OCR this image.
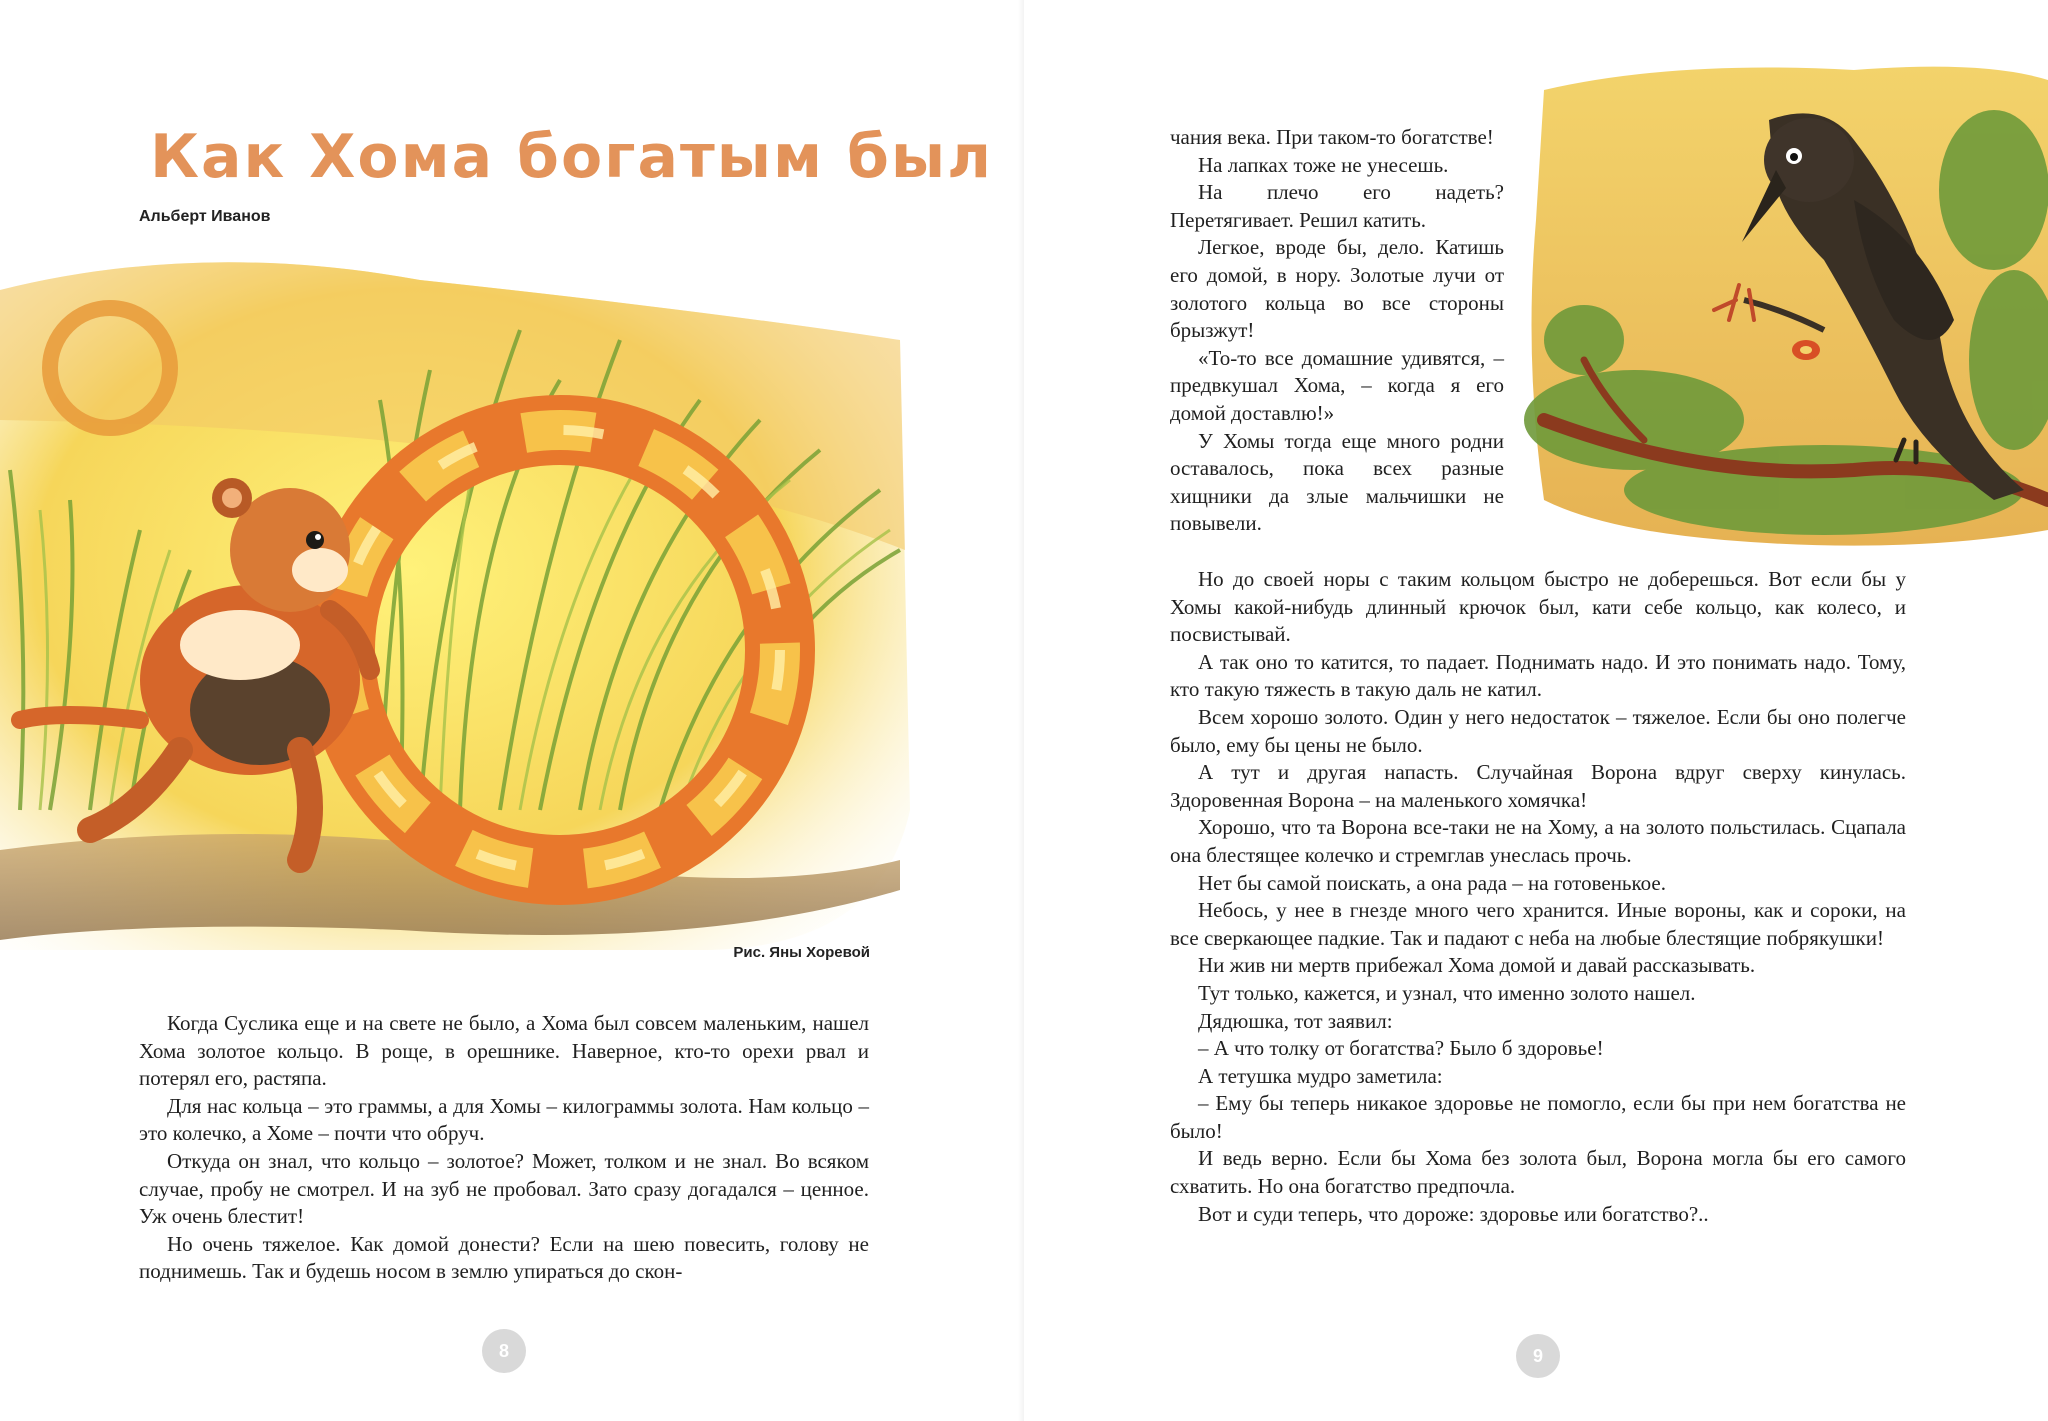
Как Хома богатым был
Альберт Иванов
Рис. Яны Хоревой

Когда Суслика еще и на свете не было, а Хома был совсем маленьким, нашел Хома золотое кольцо. В роще, в орешнике. Наверное, кто-то орехи рвал и потерял его, растяпа.

Для нас кольца – это граммы, а для Хомы – килограммы золота. Нам кольцо – это колечко, а Хоме – почти что обруч.

Откуда он знал, что кольцо – золотое? Может, толком и не знал. Во всяком случае, пробу не смотрел. И на зуб не пробовал. Зато сразу догадался – ценное. Уж очень блестит!

Но очень тяжелое. Как домой донести? Если на шею повесить, голову не поднимешь. Так и будешь носом в землю упираться до скон-

8

чания века. При таком-то богатстве!

На лапках тоже не унесешь.

На плечо его надеть? Перетягивает. Решил катить.

Легкое, вроде бы, дело. Катишь его домой, в нору. Золотые лучи от золотого кольца во все стороны брызжут!

«То-то все домашние удивятся, – предвкушал Хома, – когда я его домой доставлю!»

У Хомы тогда еще много родни оставалось, пока всех разные хищники да злые мальчишки не повывели.

Но до своей норы с таким кольцом быстро не доберешься. Вот если бы у Хомы какой-нибудь длинный крючок был, кати себе кольцо, как колесо, и посвистывай.

А так оно то катится, то падает. Поднимать надо. И это понимать надо. Тому, кто такую тяжесть в такую даль не катил.

Всем хорошо золото. Один у него недостаток – тяжелое. Если бы оно полегче было, ему бы цены не было.

А тут и другая напасть. Случайная Ворона вдруг сверху кинулась. Здоровенная Ворона – на маленького хомячка!

Хорошо, что та Ворона все-таки не на Хому, а на золото польстилась. Сцапала она блестящее колечко и стремглав унеслась прочь.

Нет бы самой поискать, а она рада – на готовенькое.

Небось, у нее в гнезде много чего хранится. Иные вороны, как и сороки, на все сверкающее падкие. Так и падают с неба на любые блестящие побрякушки!

Ни жив ни мертв прибежал Хома домой и давай рассказывать.

Тут только, кажется, и узнал, что именно золото нашел.

Дядюшка, тот заявил:

– А что толку от богатства? Было б здоровье!

А тетушка мудро заметила:

– Ему бы теперь никакое здоровье не помогло, если бы при нем богатства не было!

И ведь верно. Если бы Хома без золота был, Ворона могла бы его самого схватить. Но она богатство предпочла.

Вот и суди теперь, что дороже: здоровье или богатство?..

9
